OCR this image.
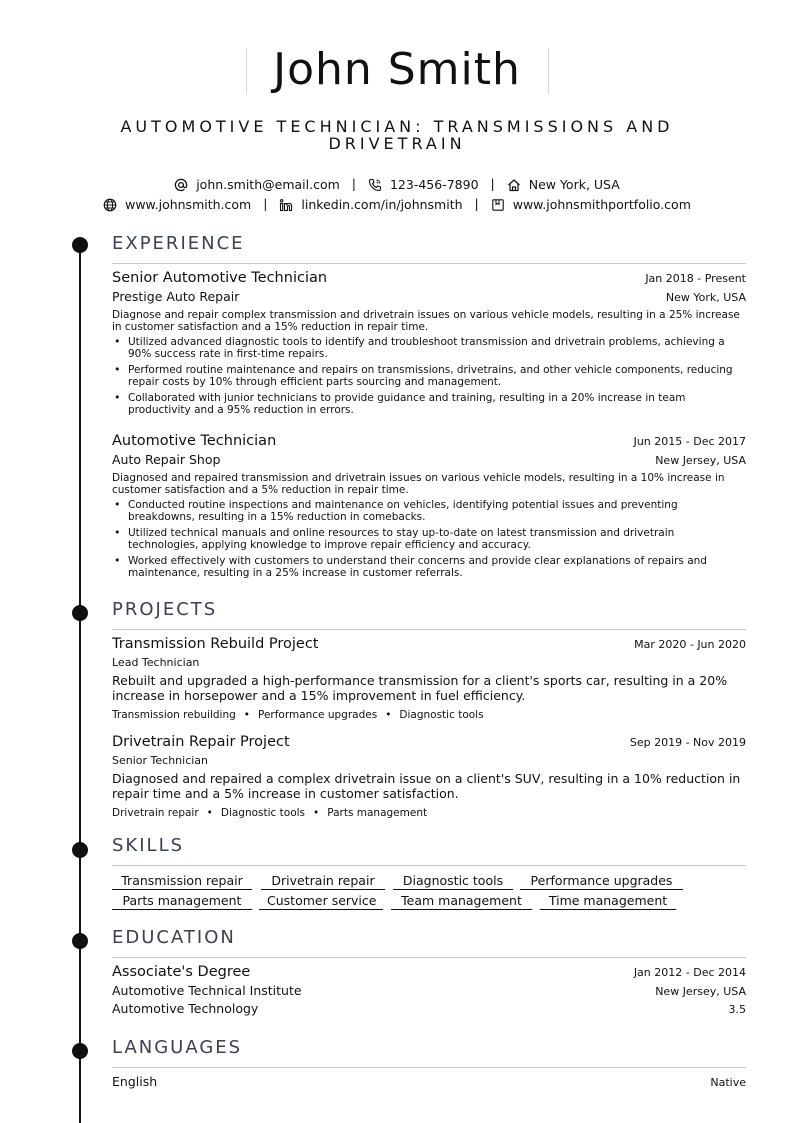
John Smith
AUTOMOTIVE TECHNICIAN: TRANSMISSIONS AND DRIVETRAIN
john.smith@email.com |	123-456-7890 |	New York, USA
www.johnsmith.com |	linkedin.com/in/johnsmith |	www.johnsmithportfolio.com
EXPERIENCE
Senior Automotive Technician	Jan 2018 - Present
Prestige Auto Repair	New York, USA
Diagnose and repair complex transmission and drivetrain issues on various vehicle models, resulting in a 25% increase in customer satisfaction and a 15% reduction in repair time.
• Utilized advanced diagnostic tools to identify and troubleshoot transmission and drivetrain problems, achieving a 90% success rate in first-time repairs.
• Performed routine maintenance and repairs on transmissions, drivetrains, and other vehicle components, reducing repair costs by 10% through efficient parts sourcing and management.
• Collaborated with junior technicians to provide guidance and training, resulting in a 20% increase in team productivity and a 95% reduction in errors.
Automotive Technician	Jun 2015 - Dec 2017
Auto Repair Shop	New Jersey, USA
Diagnosed and repaired transmission and drivetrain issues on various vehicle models, resulting in a 10% increase in customer satisfaction and a 5% reduction in repair time.
• Conducted routine inspections and maintenance on vehicles, identifying potential issues and preventing breakdowns, resulting in a 15% reduction in comebacks.
• Utilized technical manuals and online resources to stay up-to-date on latest transmission and drivetrain technologies, applying knowledge to improve repair efficiency and accuracy.
• Worked effectively with customers to understand their concerns and provide clear explanations of repairs and maintenance, resulting in a 25% increase in customer referrals.
PROJECTS
Transmission Rebuild Project	Mar 2020 - Jun 2020
Lead Technician
Rebuilt and upgraded a high-performance transmission for a client's sports car, resulting in a 20% increase in horsepower and a 15% improvement in fuel efficiency.
Transmission rebuilding • Performance upgrades • Diagnostic tools
Drivetrain Repair Project	Sep 2019 - Nov 2019
Senior Technician
Diagnosed and repaired a complex drivetrain issue on a client's SUV, resulting in a 10% reduction in repair time and a 5% increase in customer satisfaction.
Drivetrain repair • Diagnostic tools • Parts management
SKILLS
Transmission repair	Drivetrain repair	Diagnostic tools	Performance upgrades
Parts management	Customer service	Team management	Time management
EDUCATION
Associate's Degree	Jan 2012 - Dec 2014
Automotive Technical Institute	New Jersey, USA
Automotive Technology	3.5
LANGUAGES
English	Native
